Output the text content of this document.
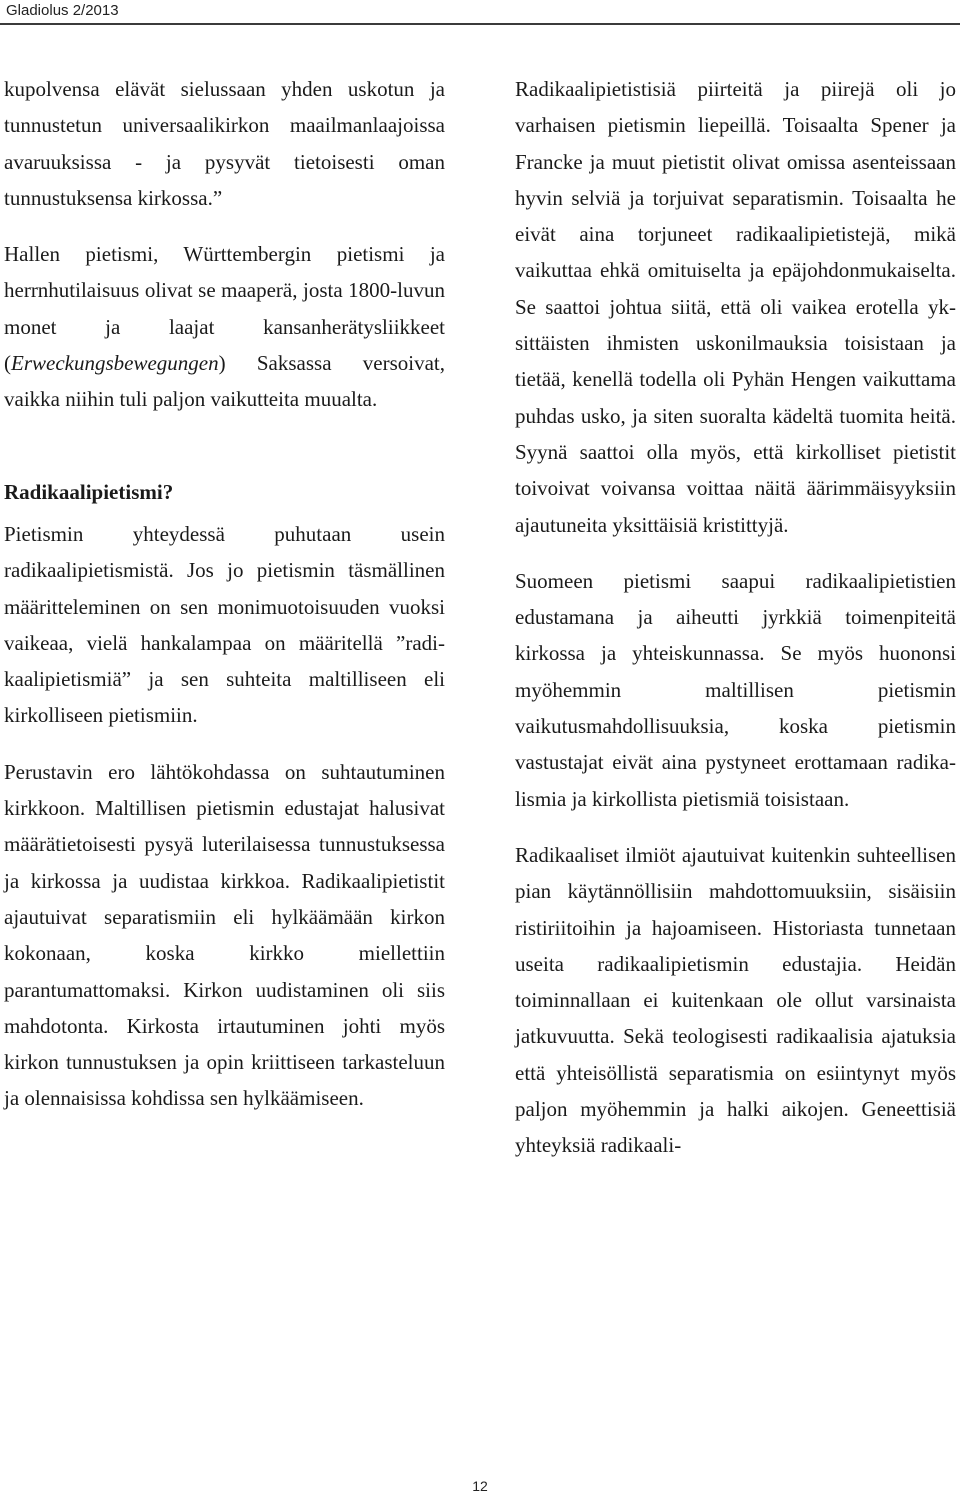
Gladiolus 2/2013

kupolvensa elävät sielussaan yhden uskotun ja tunnustetun universaalikirkon maailmanlaajoissa avaruuksissa - ja pysyvät tietoisesti oman tunnustuksensa kirkossa.”

Hallen pietismi, Württembergin pietismi ja herrnhutilaisuus olivat se maaperä, josta 1800-luvun monet ja laajat kansanherätysliikkeet (Erweckungsbewegungen) Saksassa versoivat, vaikka niihin tuli paljon vaikutteita muualta.

Radikaalipietismi?

Pietismin yhteydessä puhutaan usein radikaalipietismistä. Jos jo pietismin täsmällinen määritteleminen on sen monimuotoisuuden vuoksi vaikeaa, vielä hankalampaa on määritellä ”radikaalipietismiä” ja sen suhteita maltilliseen eli kirkolliseen pietismiin.

Perustavin ero lähtökohdassa on suhtautuminen kirkkoon. Maltillisen pietismin edustajat halusivat määrätietoisesti pysyä luterilaisessa tunnustuksessa ja kirkossa ja uudistaa kirkkoa. Radikaalipietistit ajautuivat separatismiin eli hylkäämään kirkon kokonaan, koska kirkko miellettiin parantumattomaksi. Kirkon uudistaminen oli siis mahdotonta. Kirkosta irtautuminen johti myös kirkon tunnustuksen ja opin kriittiseen tarkasteluun ja olennaisissa kohdissa sen hylkäämiseen.

Radikaalipietistisiä piirteitä ja piirejä oli jo varhaisen pietismin liepeillä. Toisaalta Spener ja Francke ja muut pietistit olivat omissa asenteissaan hyvin selviä ja torjuivat separatismin. Toisaalta he eivät aina torjuneet radikaalipietistejä, mikä vaikuttaa ehkä omituiselta ja epäjohdonmukaiselta. Se saattoi johtua siitä, että oli vaikea erotella yksittäisten ihmisten uskonilmauksia toisistaan ja tietää, kenellä todella oli Pyhän Hengen vaikuttama puhdas usko, ja siten suoralta kädeltä tuomita heitä. Syynä saattoi olla myös, että kirkolliset pietistit toivoivat voivansa voittaa näitä äärimmäisyyksiin ajautuneita yksittäisiä kristittyjä.

Suomeen pietismi saapui radikaalipietistien edustamana ja aiheutti jyrkkiä toimenpiteitä kirkossa ja yhteiskunnassa. Se myös huononsi myöhemmin maltillisen pietismin vaikutusmahdollisuuksia, koska pietismin vastustajat eivät aina pystyneet erottamaan radikalismia ja kirkollista pietismiä toisistaan.

Radikaaliset ilmiöt ajautuivat kuitenkin suhteellisen pian käytännöllisiin mahdottomuuksiin, sisäisiin ristiriitoihin ja hajoamiseen. Historiasta tunnetaan useita radikaalipietismin edustajia. Heidän toiminnallaan ei kuitenkaan ole ollut varsinaista jatkuvuutta. Sekä teologisesti radikaalisia ajatuksia että yhteisöllistä separatismia on esiintynyt myös paljon myöhemmin ja halki aikojen. Geneettisiä yhteyksiä radikaali-

12
